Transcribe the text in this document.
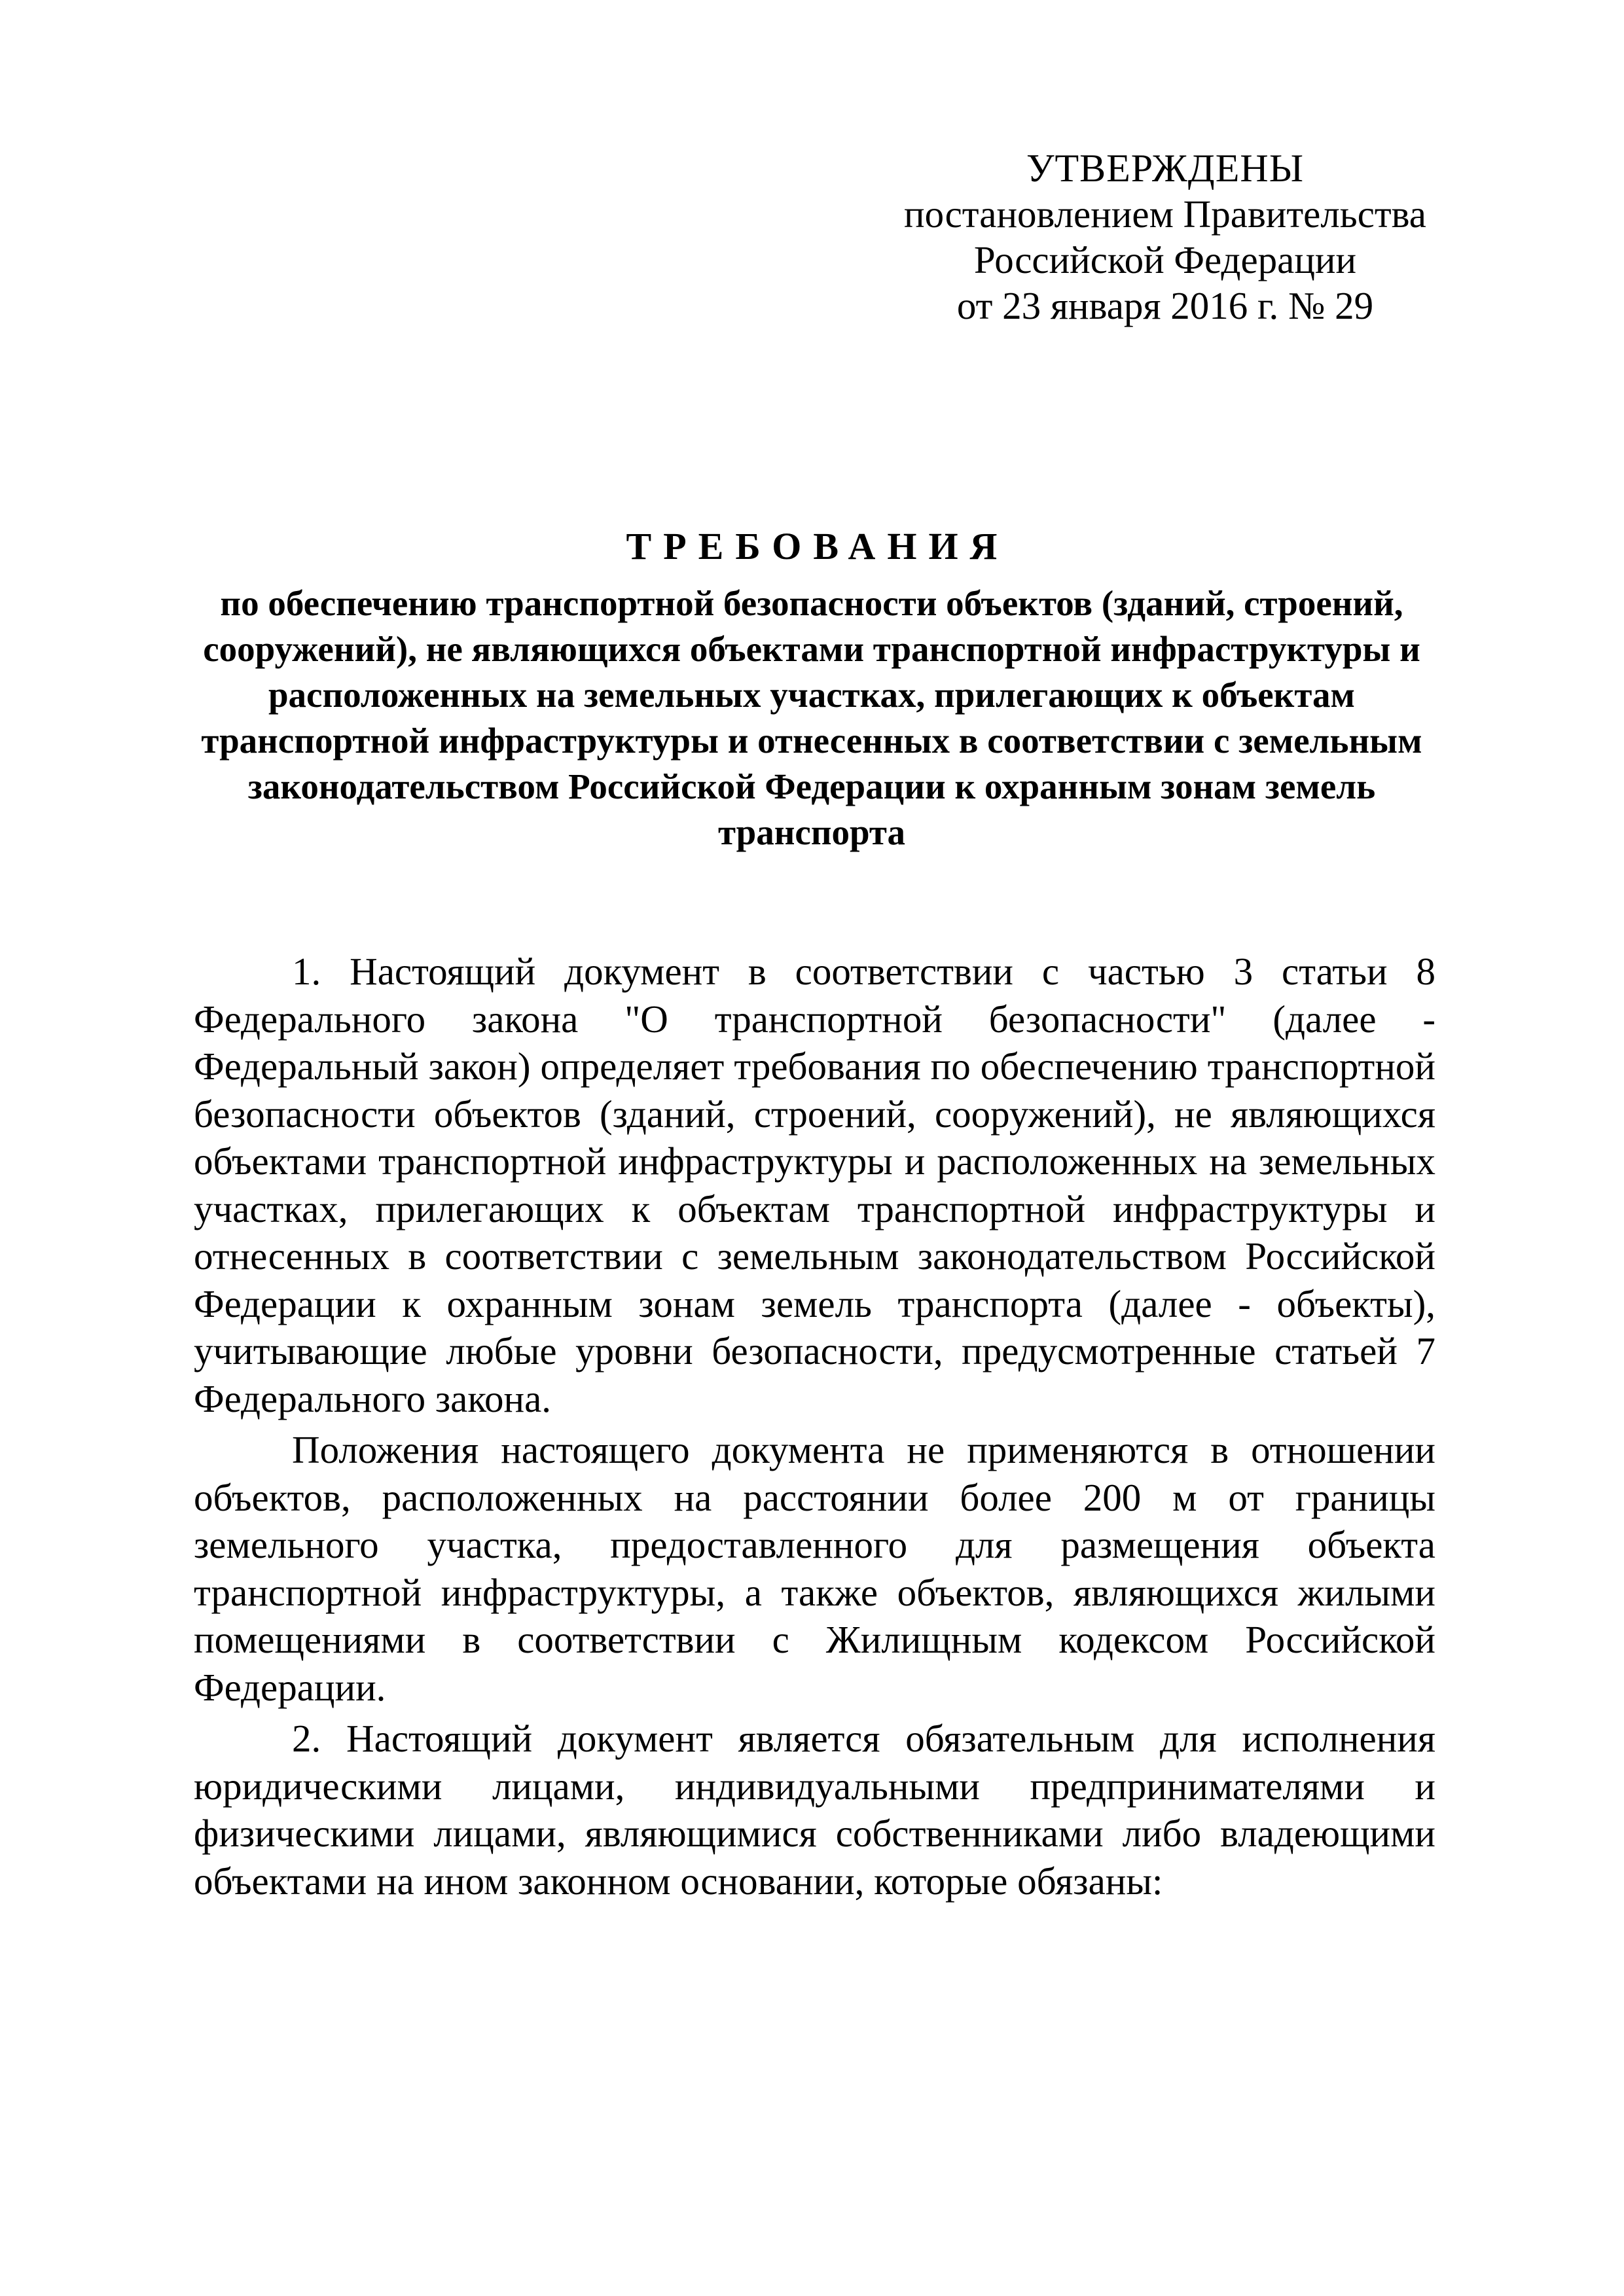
УТВЕРЖДЕНЫ
постановлением Правительства
Российской Федерации
от 23 января 2016 г. № 29
ТРЕБОВАНИЯ
по обеспечению транспортной безопасности объектов (зданий, строений, сооружений), не являющихся объектами транспортной инфраструктуры и расположенных на земельных участках, прилегающих к объектам транспортной инфраструктуры и отнесенных в соответствии с земельным законодательством Российской Федерации к охранным зонам земель транспорта

1. Настоящий документ в соответствии с частью 3 статьи 8 Федерального закона "О транспортной безопасности" (далее - Федеральный закон) определяет требования по обеспечению транспортной безопасности объектов (зданий, строений, сооружений), не являющихся объектами транспортной инфраструктуры и расположенных на земельных участках, прилегающих к объектам транспортной инфраструктуры и отнесенных в соответствии с земельным законодательством Российской Федерации к охранным зонам земель транспорта (далее - объекты), учитывающие любые уровни безопасности, предусмотренные статьей 7 Федерального закона.

Положения настоящего документа не применяются в отношении объектов, расположенных на расстоянии более 200 м от границы земельного участка, предоставленного для размещения объекта транспортной инфраструктуры, а также объектов, являющихся жилыми помещениями в соответствии с Жилищным кодексом Российской Федерации.

2. Настоящий документ является обязательным для исполнения юридическими лицами, индивидуальными предпринимателями и физическими лицами, являющимися собственниками либо владеющими объектами на ином законном основании, которые обязаны:
